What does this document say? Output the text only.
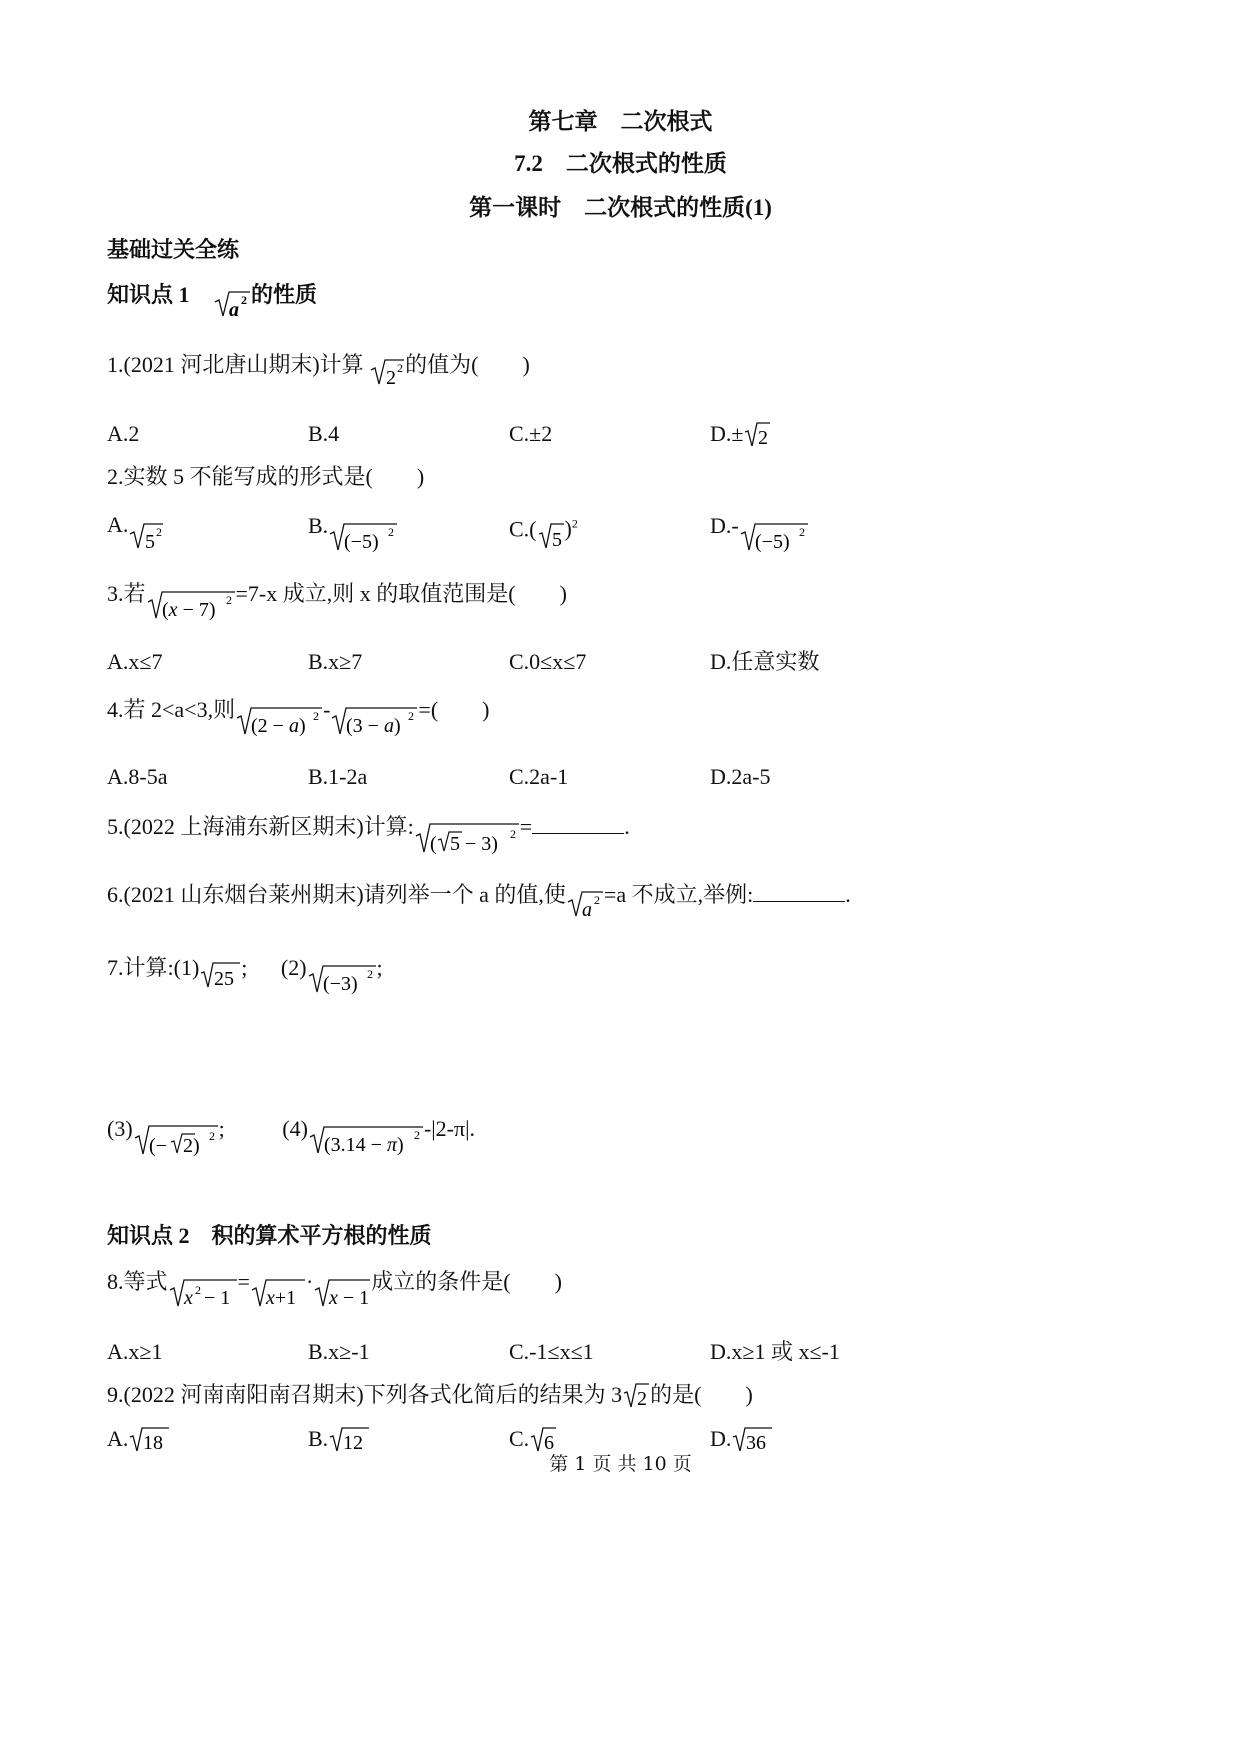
第七章　二次根式
7.2　二次根式的性质
第一课时　二次根式的性质(1)
基础过关全练
知识点 1
a 2 的性质
1.(2021 河北唐山期末)计算
2 2 的值为(　　)
A.2	B.4	C.±2	D.± 2
2.实数 5 不能写成的形式是(　　)
A.
5 2	B.
(−5) 2	C.( 5 )$^2$	D.-
(−5) 2
3.若
(x − 7) 2 =7-x 成立,则 x 的取值范围是(　　)
A.x≤7	B.x≥7	C.0≤x≤7	D.任意实数
4.若 2<a<3,则
(2 − a) 2 -
(3 − a) 2 =(　　)
A.8-5a	B.1-2a	C.2a-1	D.2a-5
5.(2022 上海浦东新区期末)计算:
( 5 − 3) 2 =	.
6.(2021 山东烟台莱州期末)请列举一个 a 的值,使
a 2 =a 不成立,举例:	.
7.计算:(1) 25 ; (2)
(−3) 2 ;
(3)
(− 2) 2 ;	(4)
(3.14 − π) 2 -|2-π|.
知识点 2　积的算术平方根的性质
8.等式
x 2 − 1
=
x+1
·
x − 1
成立的条件是(　　)
A.x≥1	B.x≥-1	C.-1≤x≤1	D.x≥1 或 x≤-1
9.(2022 河南南阳南召期末)下列各式化简后的结果为 3 2 的是(　　)
A. 18	B. 12	C. 6	D. 36
第 1 页 共 10 页
